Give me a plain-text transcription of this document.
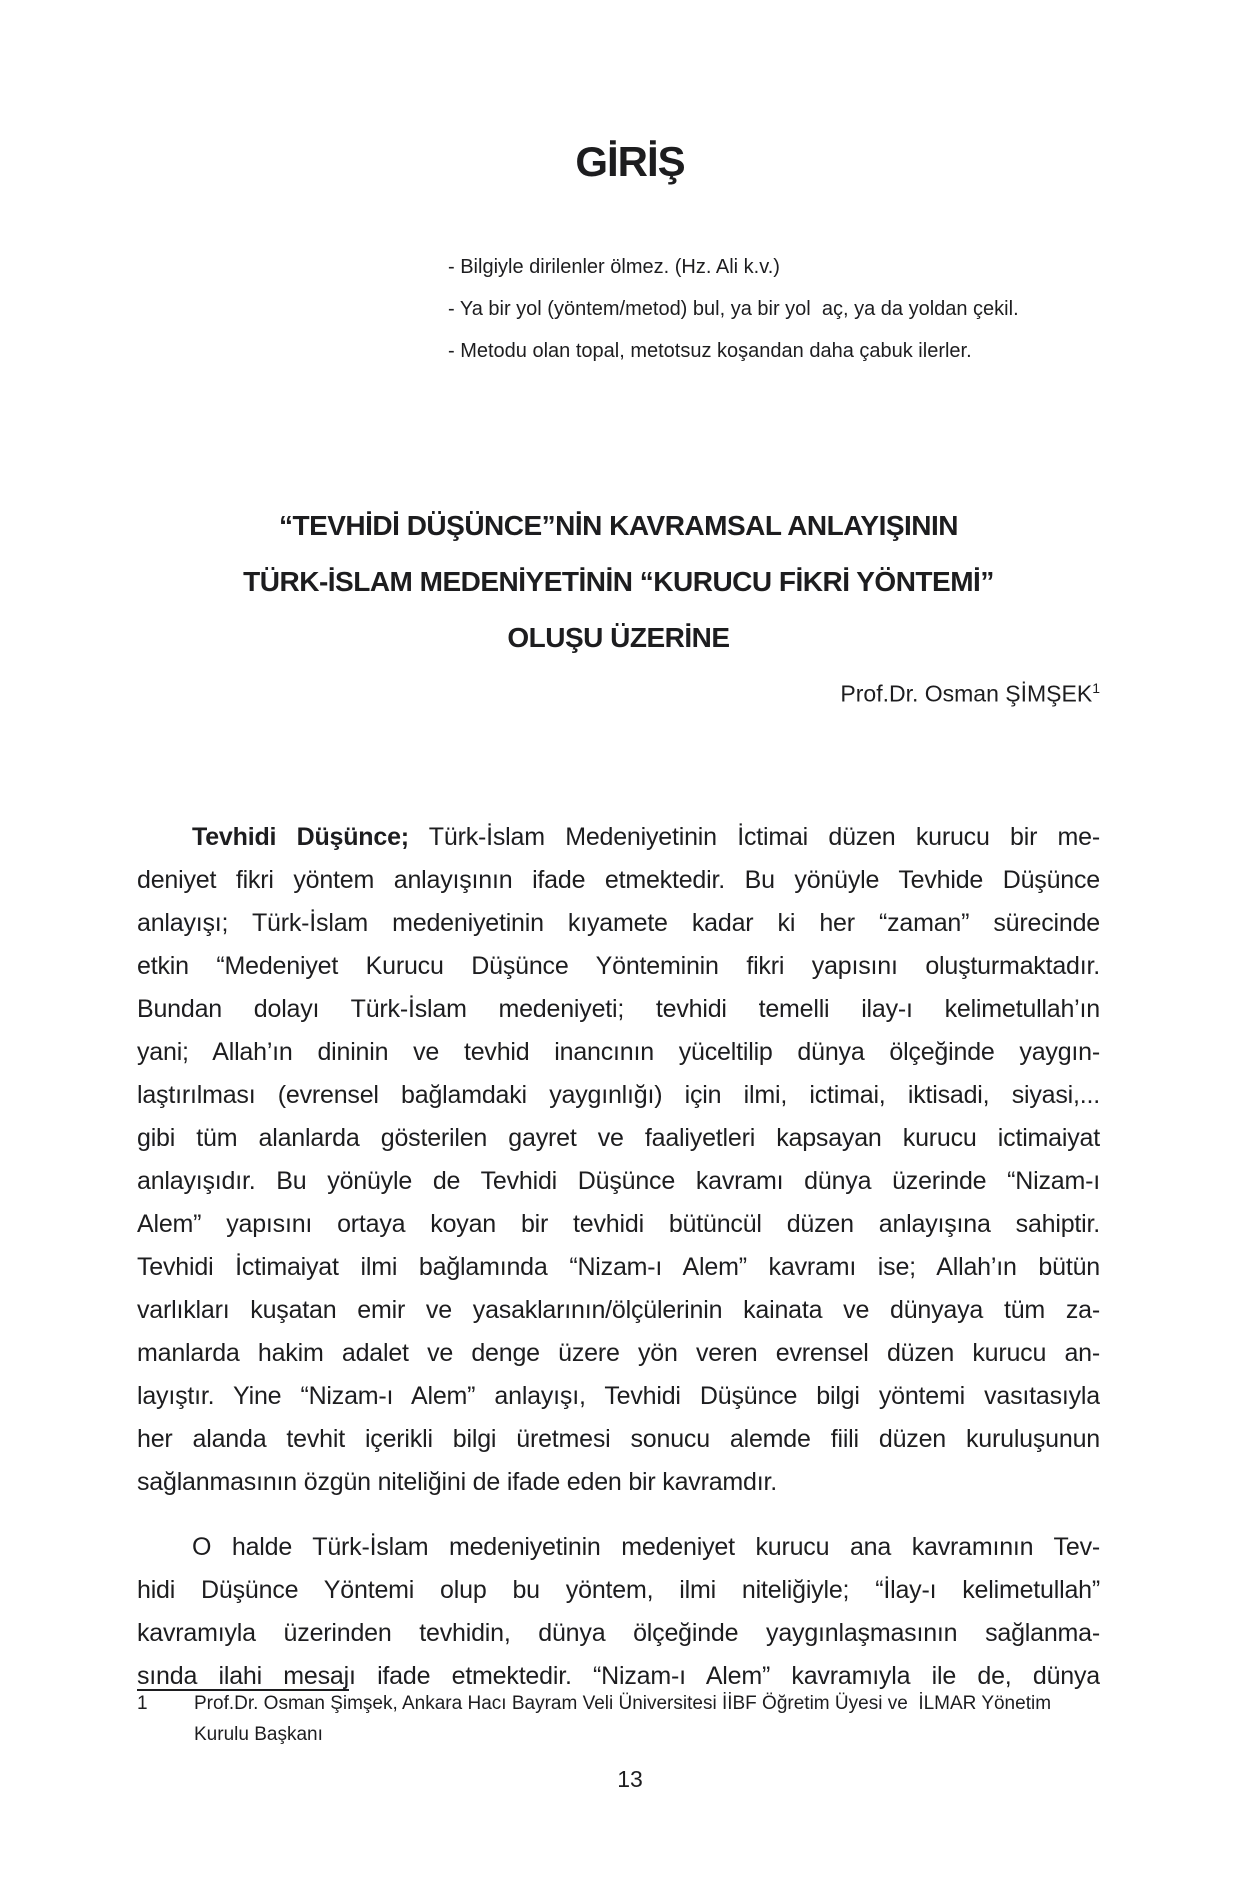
GİRİŞ
- Bilgiyle dirilenler ölmez. (Hz. Ali k.v.)
- Ya bir yol (yöntem/metod) bul, ya bir yol  aç, ya da yoldan çekil.
- Metodu olan topal, metotsuz koşandan daha çabuk ilerler.
“TEVHİDİ DÜŞÜNCE”NİN KAVRAMSAL ANLAYIŞININ
TÜRK-İSLAM MEDENİYETİNİN “KURUCU FİKRİ YÖNTEMİ”
OLUŞU ÜZERİNE
Prof.Dr. Osman ŞİMŞEK$^1$
Tevhidi Düşünce; Türk-İslam Medeniyetinin İctimai düzen kurucu bir me-
deniyet fikri yöntem anlayışının ifade etmektedir. Bu yönüyle Tevhide Düşünce
anlayışı; Türk-İslam medeniyetinin kıyamete kadar ki her “zaman” sürecinde
etkin “Medeniyet Kurucu Düşünce Yönteminin fikri yapısını oluşturmaktadır.
Bundan dolayı Türk-İslam medeniyeti; tevhidi temelli ilay-ı kelimetullah’ın
yani; Allah’ın dininin ve tevhid inancının yüceltilip dünya ölçeğinde yaygın-
laştırılması (evrensel bağlamdaki yaygınlığı) için ilmi, ictimai, iktisadi, siyasi,...
gibi tüm alanlarda gösterilen gayret ve faaliyetleri kapsayan kurucu ictimaiyat
anlayışıdır. Bu yönüyle de Tevhidi Düşünce kavramı dünya üzerinde “Nizam-ı
Alem” yapısını ortaya koyan bir tevhidi bütüncül düzen anlayışına sahiptir.
Tevhidi İctimaiyat ilmi bağlamında “Nizam-ı Alem” kavramı ise; Allah’ın bütün
varlıkları kuşatan emir ve yasaklarının/ölçülerinin kainata ve dünyaya tüm za-
manlarda hakim adalet ve denge üzere yön veren evrensel düzen kurucu an-
layıştır. Yine “Nizam-ı Alem” anlayışı, Tevhidi Düşünce bilgi yöntemi vasıtasıyla
her alanda tevhit içerikli bilgi üretmesi sonucu alemde fiili düzen kuruluşunun
sağlanmasının özgün niteliğini de ifade eden bir kavramdır.
O halde Türk-İslam medeniyetinin medeniyet kurucu ana kavramının Tev-
hidi Düşünce Yöntemi olup bu yöntem, ilmi niteliğiyle; “İlay-ı kelimetullah”
kavramıyla üzerinden tevhidin, dünya ölçeğinde yaygınlaşmasının sağlanma-
sında ilahi mesajı ifade etmektedir. “Nizam-ı Alem” kavramıyla ile de, dünya
1	Prof.Dr. Osman Şimşek, Ankara Hacı Bayram Veli Üniversitesi İİBF Öğretim Üyesi ve  İLMAR Yönetim
Kurulu Başkanı
13
